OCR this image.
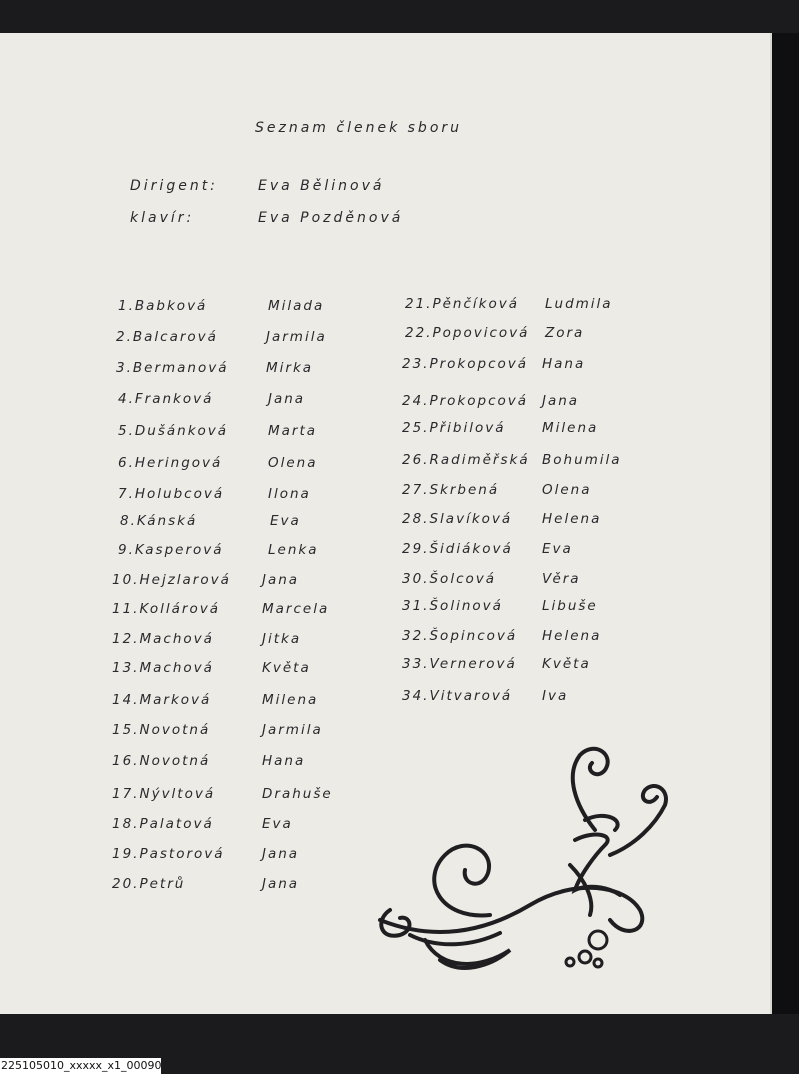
Seznam členek sboru
Dirigent:	Eva Bělinová
klavír:	Eva Pozděnová
1.Babková	Milada
2.Balcarová	Jarmila
3.Bermanová	Mirka
4.Franková	Jana
5.Dušánková	Marta
6.Heringová	Olena
7.Holubcová	Ilona
8.Kánská	Eva
9.Kasperová	Lenka
10.Hejzlarová Jana
11.Kollárová	Marcela
12.Machová	Jitka
13.Machová	Květa
14.Marková	Milena
15.Novotná	Jarmila
16.Novotná	Hana
17.Nývltová	Drahuše
18.Palatová	Eva
19.Pastorová	Jana
20.Petrů	Jana
21.Pěnčíková Ludmila
22.Popovicová Zora
23.Prokopcová Hana
24.Prokopcová Jana
25.Přibilová	Milena
26.Radiměřská Bohumila
27.Skrbená	Olena
28.Slavíková Helena
29.Šidiáková Eva
30.Šolcová	Věra
31.Šolinová	Libuše
32.Šopincová Helena
33.Vernerová Květa
34.Vitvarová Iva
225105010_xxxxx_x1_00090
